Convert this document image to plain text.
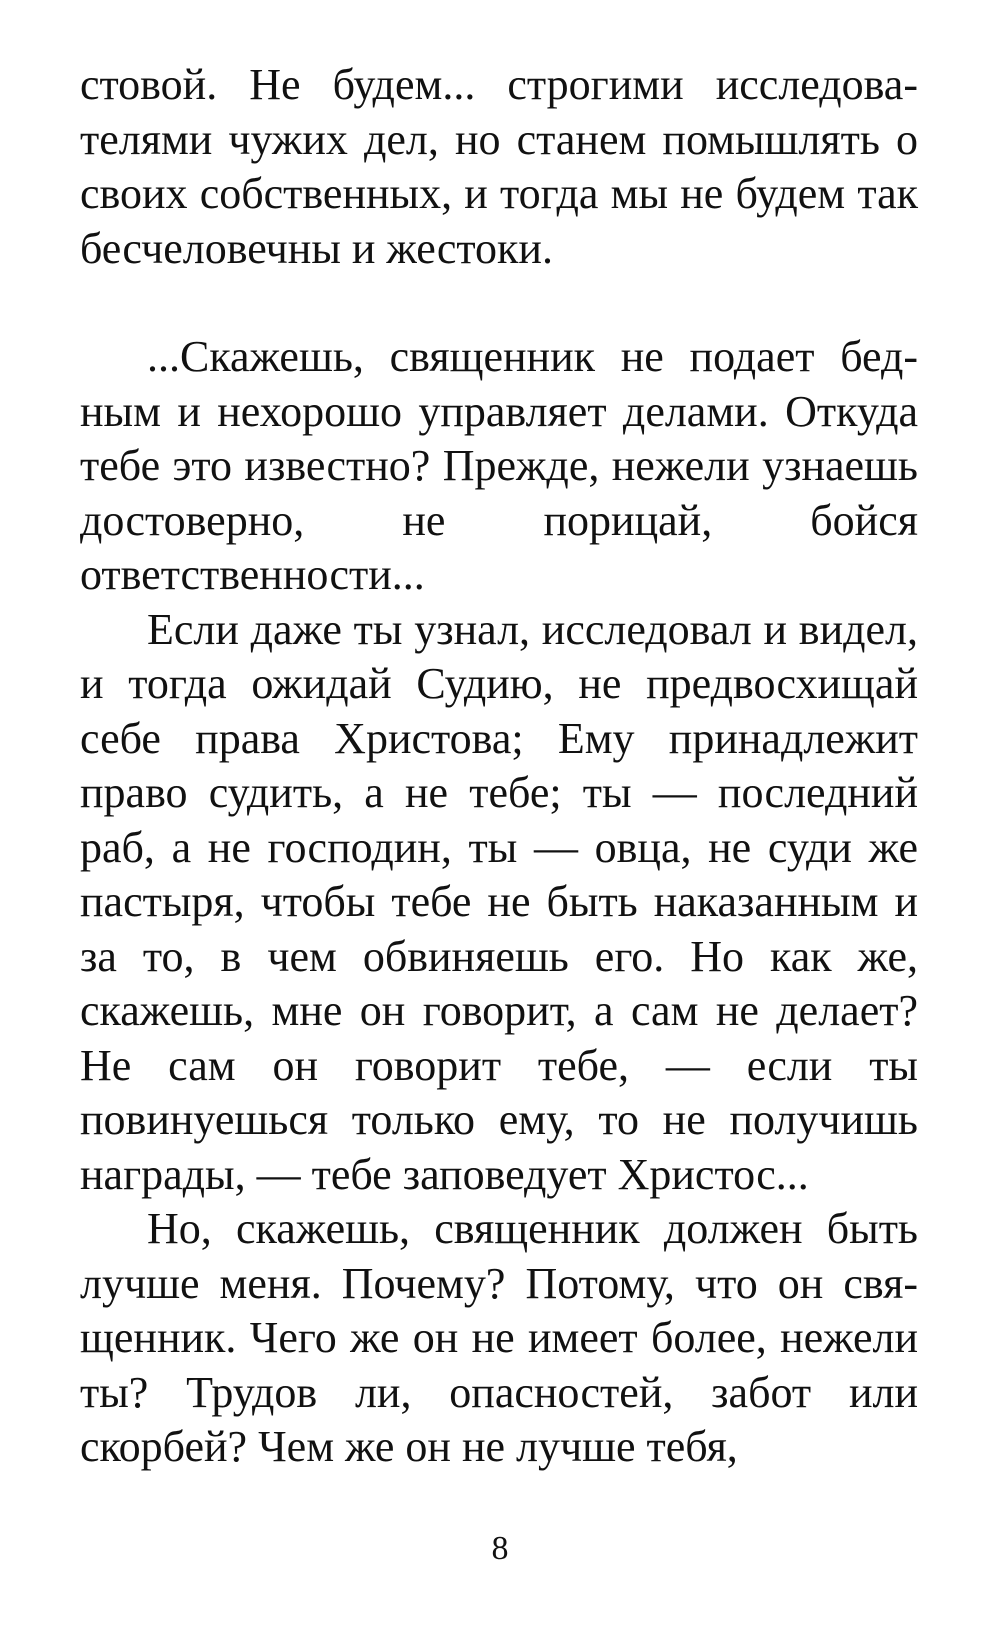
стовой. Не будем... строгими исследователями чужих дел, но станем помышлять о своих собственных, и тогда мы не будем так бесчеловечны и жестоки.

...Скажешь, священник не подает бедным и нехорошо управляет делами. Откуда тебе это известно? Прежде, нежели узнаешь достоверно, не порицай, бойся ответственности...

Если даже ты узнал, исследовал и видел, и тогда ожидай Судию, не предвосхищай себе права Христова; Ему принадлежит право судить, а не тебе; ты — последний раб, а не господин, ты — овца, не суди же пастыря, чтобы тебе не быть наказанным и за то, в чем обвиняешь его. Но как же, скажешь, мне он говорит, а сам не делает? Не сам он говорит тебе, — если ты повинуешься только ему, то не получишь награды, — тебе заповедует Христос...

Но, скажешь, священник должен быть лучше меня. Почему? Потому, что он священник. Чего же он не имеет более, нежели ты? Трудов ли, опасностей, забот или скорбей? Чем же он не лучше тебя,

8
